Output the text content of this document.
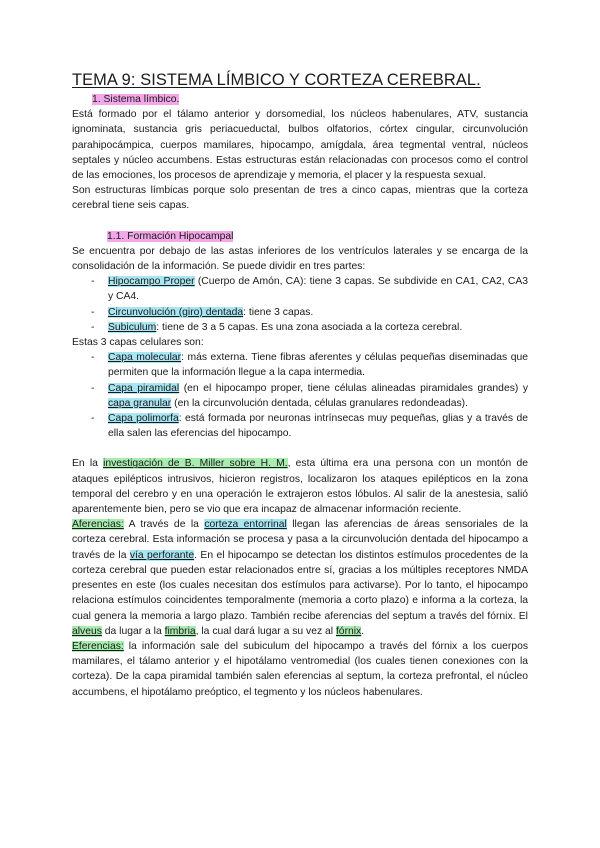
TEMA 9: SISTEMA LÍMBICO Y CORTEZA CEREBRAL.
1. Sistema límbico.

Está formado por el tálamo anterior y dorsomedial, los núcleos habenulares, ATV, sustancia ignominata, sustancia gris periacueductal, bulbos olfatorios, córtex cingular, circunvolución parahipocámpica, cuerpos mamilares, hipocampo, amígdala, área tegmental ventral, núcleos septales y núcleo accumbens. Estas estructuras están relacionadas con procesos como el control de las emociones, los procesos de aprendizaje y memoria, el placer y la respuesta sexual.

Son estructuras límbicas porque solo presentan de tres a cinco capas, mientras que la corteza cerebral tiene seis capas.

1.1. Formación Hipocampal

Se encuentra por debajo de las astas inferiores de los ventrículos laterales y se encarga de la consolidación de la información. Se puede dividir en tres partes:

- Hipocampo Proper (Cuerpo de Amón, CA): tiene 3 capas. Se subdivide en CA1, CA2, CA3 y CA4.
- Circunvolución (giro) dentada: tiene 3 capas.
- Subiculum: tiene de 3 a 5 capas. Es una zona asociada a la corteza cerebral.

Estas 3 capas celulares son:

- Capa molecular: más externa. Tiene fibras aferentes y células pequeñas diseminadas que permiten que la información llegue a la capa intermedia.
- Capa piramidal (en el hipocampo proper, tiene células alineadas piramidales grandes) y capa granular (en la circunvolución dentada, células granulares redondeadas).
- Capa polimorfa: está formada por neuronas intrínsecas muy pequeñas, glias y a través de ella salen las eferencias del hipocampo.

En la investigación de B. Miller sobre H. M., esta última era una persona con un montón de ataques epilépticos intrusivos, hicieron registros, localizaron los ataques epilépticos en la zona temporal del cerebro y en una operación le extrajeron estos lóbulos. Al salir de la anestesia, salió aparentemente bien, pero se vio que era incapaz de almacenar información reciente.

Aferencias: A través de la corteza entorrinal llegan las aferencias de áreas sensoriales de la corteza cerebral. Esta información se procesa y pasa a la circunvolución dentada del hipocampo a través de la vía perforante. En el hipocampo se detectan los distintos estímulos procedentes de la corteza cerebral que pueden estar relacionados entre sí, gracias a los múltiples receptores NMDA presentes en este (los cuales necesitan dos estímulos para activarse). Por lo tanto, el hipocampo relaciona estímulos coincidentes temporalmente (memoria a corto plazo) e informa a la corteza, la cual genera la memoria a largo plazo. También recibe aferencias del septum a través del fórnix. El alveus da lugar a la fimbria, la cual dará lugar a su vez al fórnix.

Eferencias: la información sale del subiculum del hipocampo a través del fórnix a los cuerpos mamilares, el tálamo anterior y el hipotálamo ventromedial (los cuales tienen conexiones con la corteza). De la capa piramidal también salen eferencias al septum, la corteza prefrontal, el núcleo accumbens, el hipotálamo preóptico, el tegmento y los núcleos habenulares.
